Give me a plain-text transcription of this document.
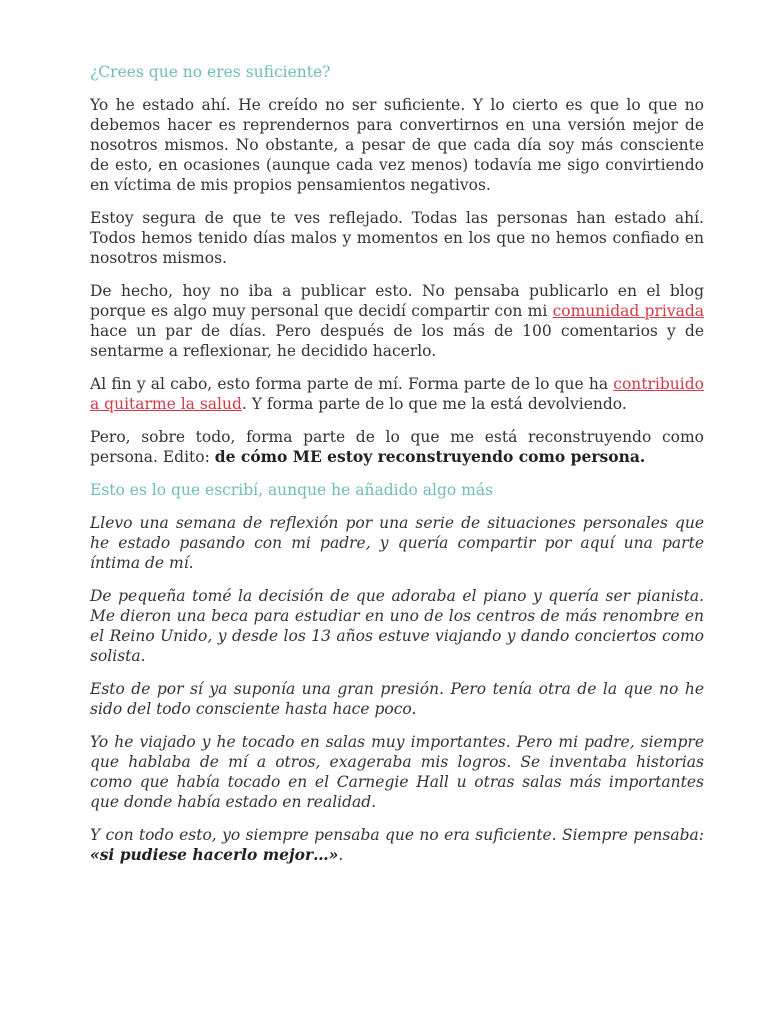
¿Crees que no eres suficiente?

Yo he estado ahí. He creído no ser suficiente. Y lo cierto es que lo que no debemos hacer es reprendernos para convertirnos en una versión mejor de nosotros mismos. No obstante, a pesar de que cada día soy más consciente de esto, en ocasiones (aunque cada vez menos) todavía me sigo convirtiendo en víctima de mis propios pensamientos negativos.

Estoy segura de que te ves reflejado. Todas las personas han estado ahí. Todos hemos tenido días malos y momentos en los que no hemos confiado en nosotros mismos.

De hecho, hoy no iba a publicar esto. No pensaba publicarlo en el blog porque es algo muy personal que decidí compartir con mi comunidad privada hace un par de días. Pero después de los más de 100 comentarios y de sentarme a reflexionar, he decidido hacerlo.

Al fin y al cabo, esto forma parte de mí. Forma parte de lo que ha contribuido a quitarme la salud. Y forma parte de lo que me la está devolviendo.

Pero, sobre todo, forma parte de lo que me está reconstruyendo como persona. Edito: de cómo ME estoy reconstruyendo como persona.

Esto es lo que escribí, aunque he añadido algo más

Llevo una semana de reflexión por una serie de situaciones personales que he estado pasando con mi padre, y quería compartir por aquí una parte íntima de mí.

De pequeña tomé la decisión de que adoraba el piano y quería ser pianista. Me dieron una beca para estudiar en uno de los centros de más renombre en el Reino Unido, y desde los 13 años estuve viajando y dando conciertos como solista.

Esto de por sí ya suponía una gran presión. Pero tenía otra de la que no he sido del todo consciente hasta hace poco.

Yo he viajado y he tocado en salas muy importantes. Pero mi padre, siempre que hablaba de mí a otros, exageraba mis logros. Se inventaba historias como que había tocado en el Carnegie Hall u otras salas más importantes que donde había estado en realidad.

Y con todo esto, yo siempre pensaba que no era suficiente. Siempre pensaba: «si pudiese hacerlo mejor…».
